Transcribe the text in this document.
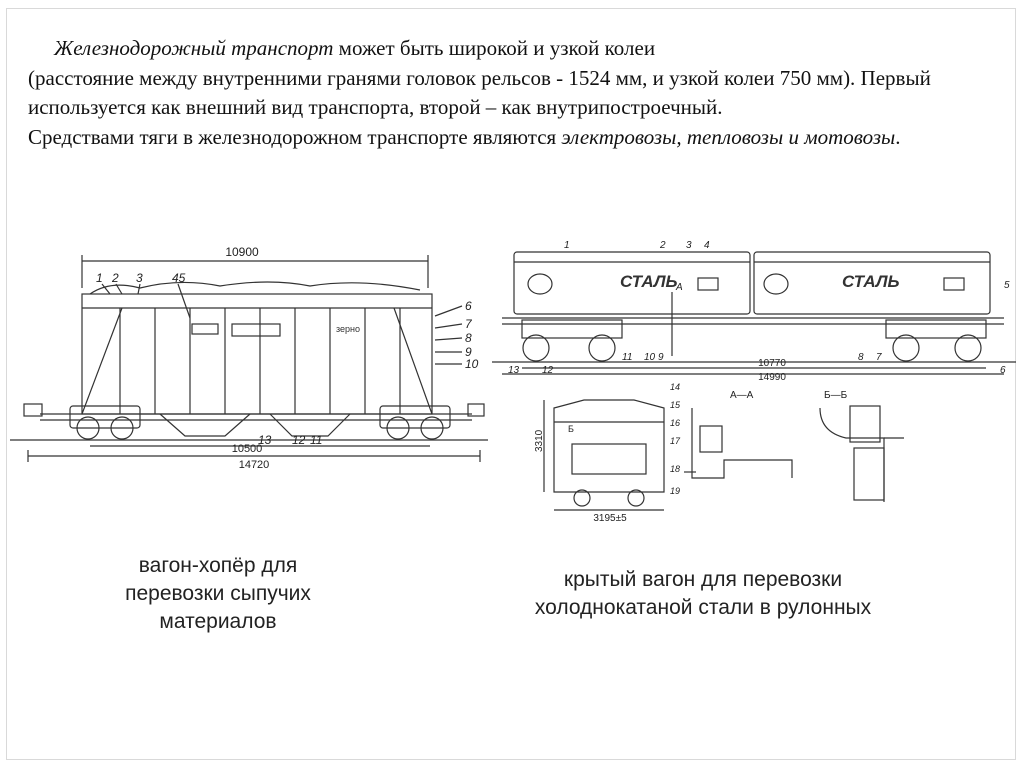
Железнодорожный транспорт может быть широкой и узкой колеи

(расстояние между внутренними гранями головок рельсов - 1524 мм, и узкой колеи 750 мм). Первый используется как внешний вид транспорта, второй – как внутрипостроечный.

Средствами тяги в железнодорожном транспорте являются электровозы, тепловозы и мотовозы.

10900
10500
14720
зерно
1 2 3 45
6
7
8
9
10
13 12 11
СТАЛЬ	СТАЛЬ
1	2 3 4
5
13 12
11 10 9	8 7
6
А
10770
14990
3310
3195±5
А—А	Б—Б
Б
14
15
16
17
18
19
вагон-хопёр для
перевозки сыпучих
материалов
крытый вагон для перевозки
холоднокатаной стали в рулонных
